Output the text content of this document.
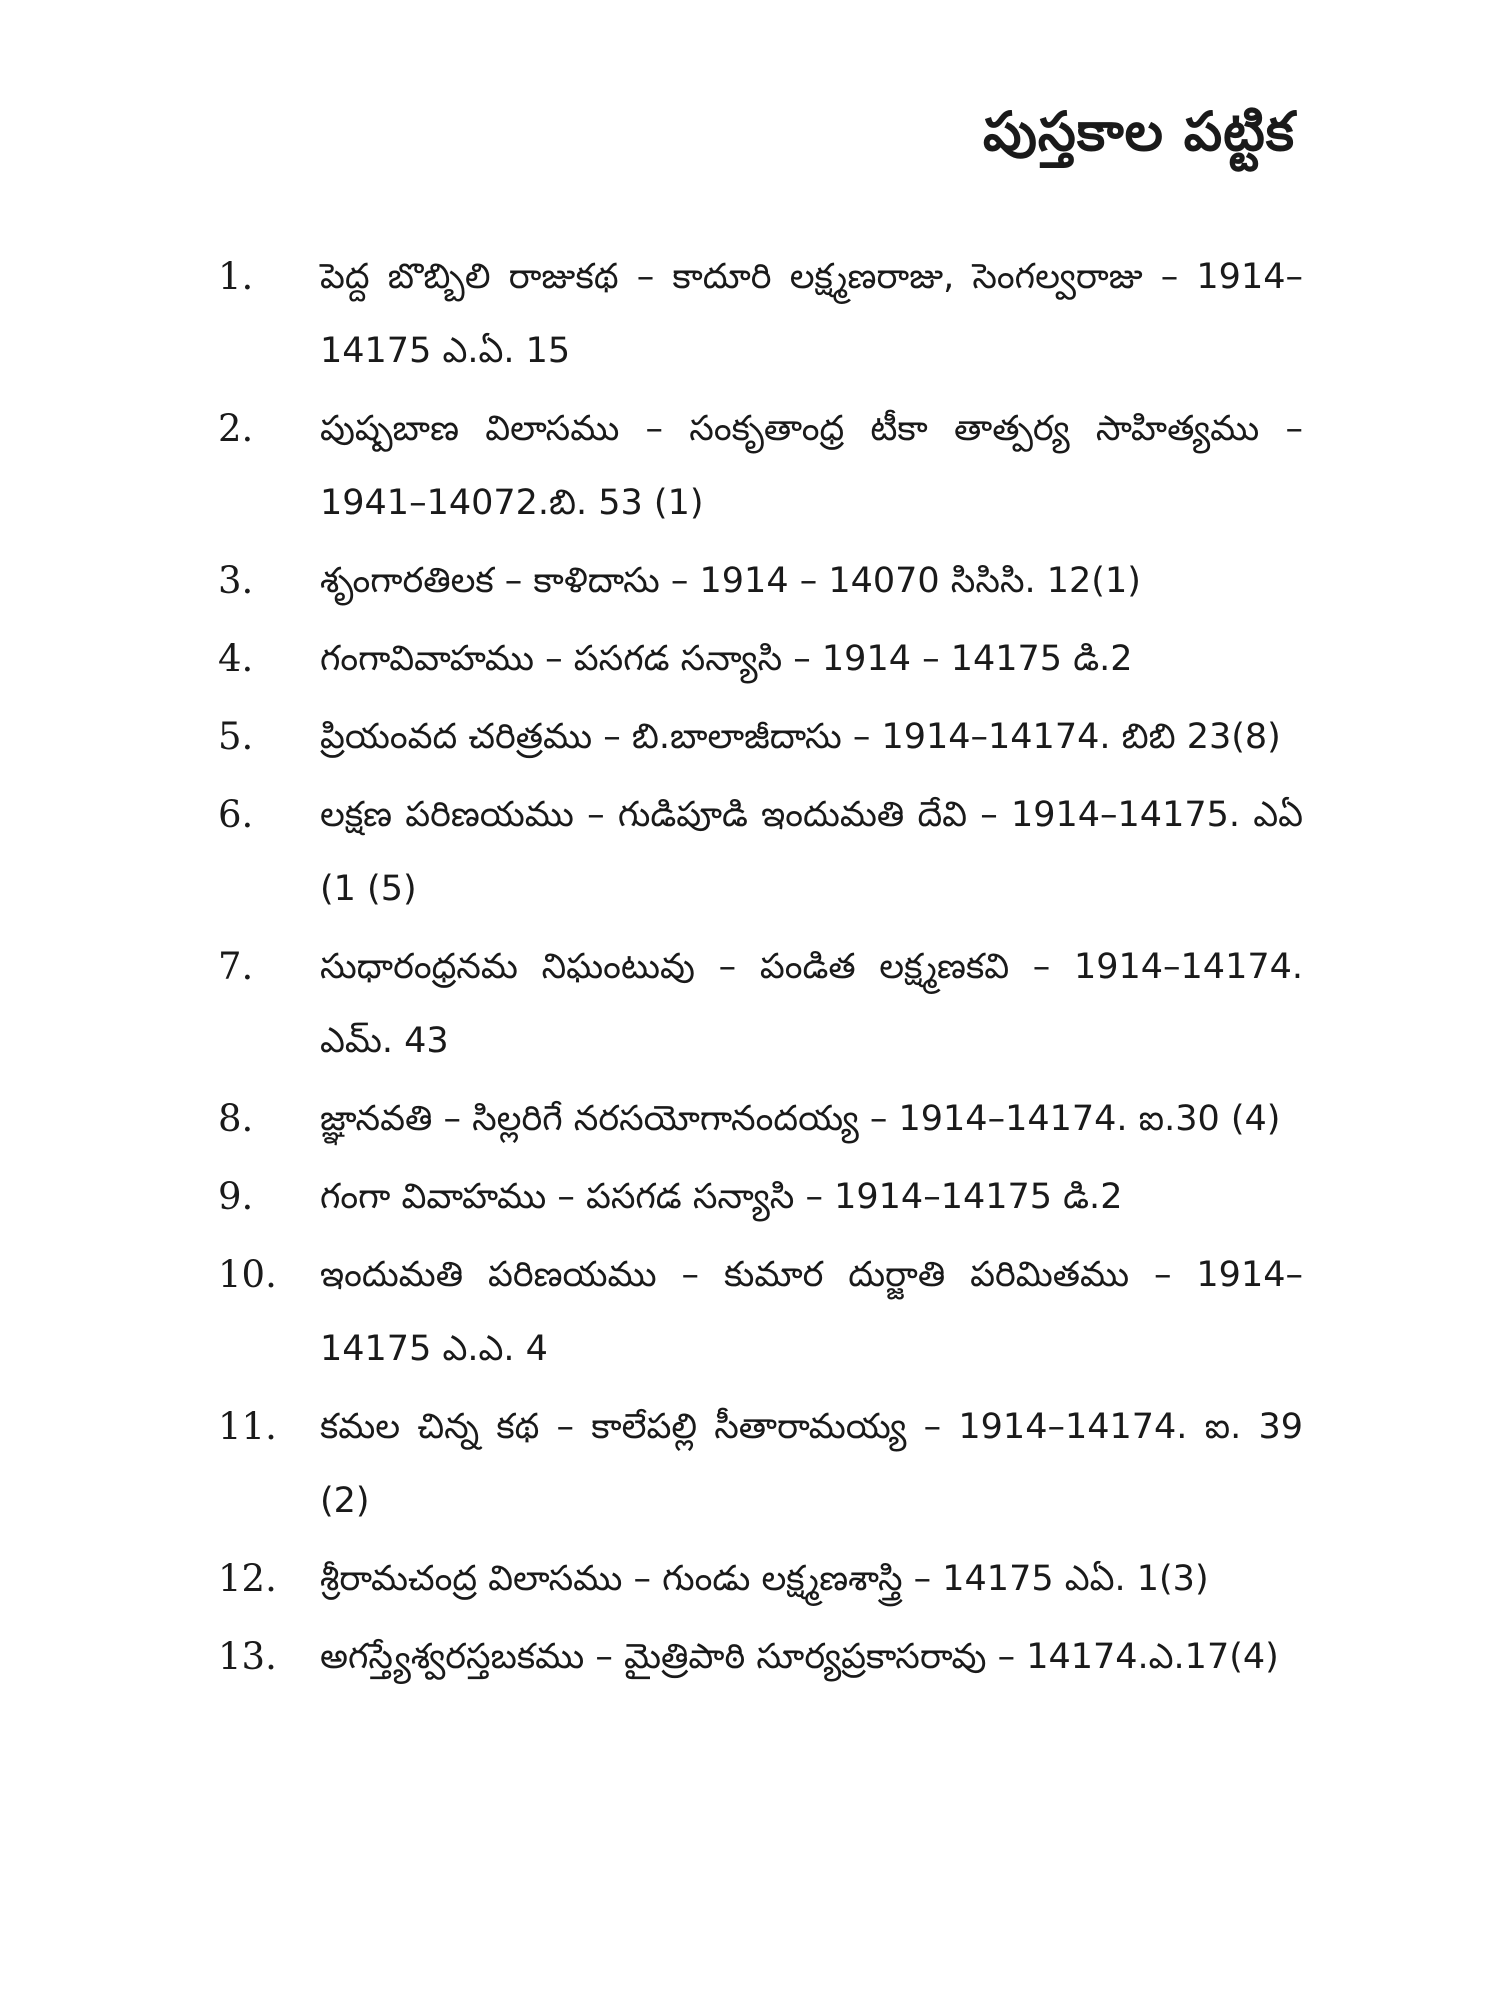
పుస్తకాల పట్టిక
1.	పెద్ద బొబ్బిలి రాజుకథ – కాదూరి లక్ష్మణరాజు, సెంగల్వరాజు – 1914–14175 ఎ.ఏ. 15
2.	పుష్పబాణ విలాసము – సంకృతాంధ్ర టీకా తాత్పర్య సాహిత్యము – 1941–14072.బి. 53 (1)
3.	శృంగారతిలక – కాళిదాసు – 1914 – 14070 సిసిసి. 12(1)
4.	గంగావివాహము – పసగడ సన్యాసి – 1914 – 14175 డి.2
5.	ప్రియంవద చరిత్రము – బి.బాలాజీదాసు – 1914–14174. బిబి 23(8)
6.	లక్షణ పరిణయము – గుడిపూడి ఇందుమతి దేవి – 1914–14175. ఎఏ (1 (5)
7.	సుధారంధ్రనమ నిఘంటువు – పండిత లక్ష్మణకవి – 1914–14174. ఎమ్. 43
8.	జ్ఞానవతి – సిల్లరిగే నరసయోగానందయ్య – 1914–14174. ఐ.30 (4)
9.	గంగా వివాహము – పసగడ సన్యాసి – 1914–14175 డి.2
10.	ఇందుమతి పరిణయము – కుమార దుర్జాతి పరిమితము – 1914–14175 ఎ.ఎ. 4
11.	కమల చిన్న కథ – కాలేపల్లి సీతారామయ్య – 1914–14174. ఐ. 39 (2)
12.	శ్రీరామచంద్ర విలాసము – గుండు లక్ష్మణశాస్త్రి – 14175 ఎఏ. 1(3)
13.	అగస్త్యేశ్వరస్తబకము – మైత్రిపాఠి సూర్యప్రకాసరావు – 14174.ఎ.17(4)
